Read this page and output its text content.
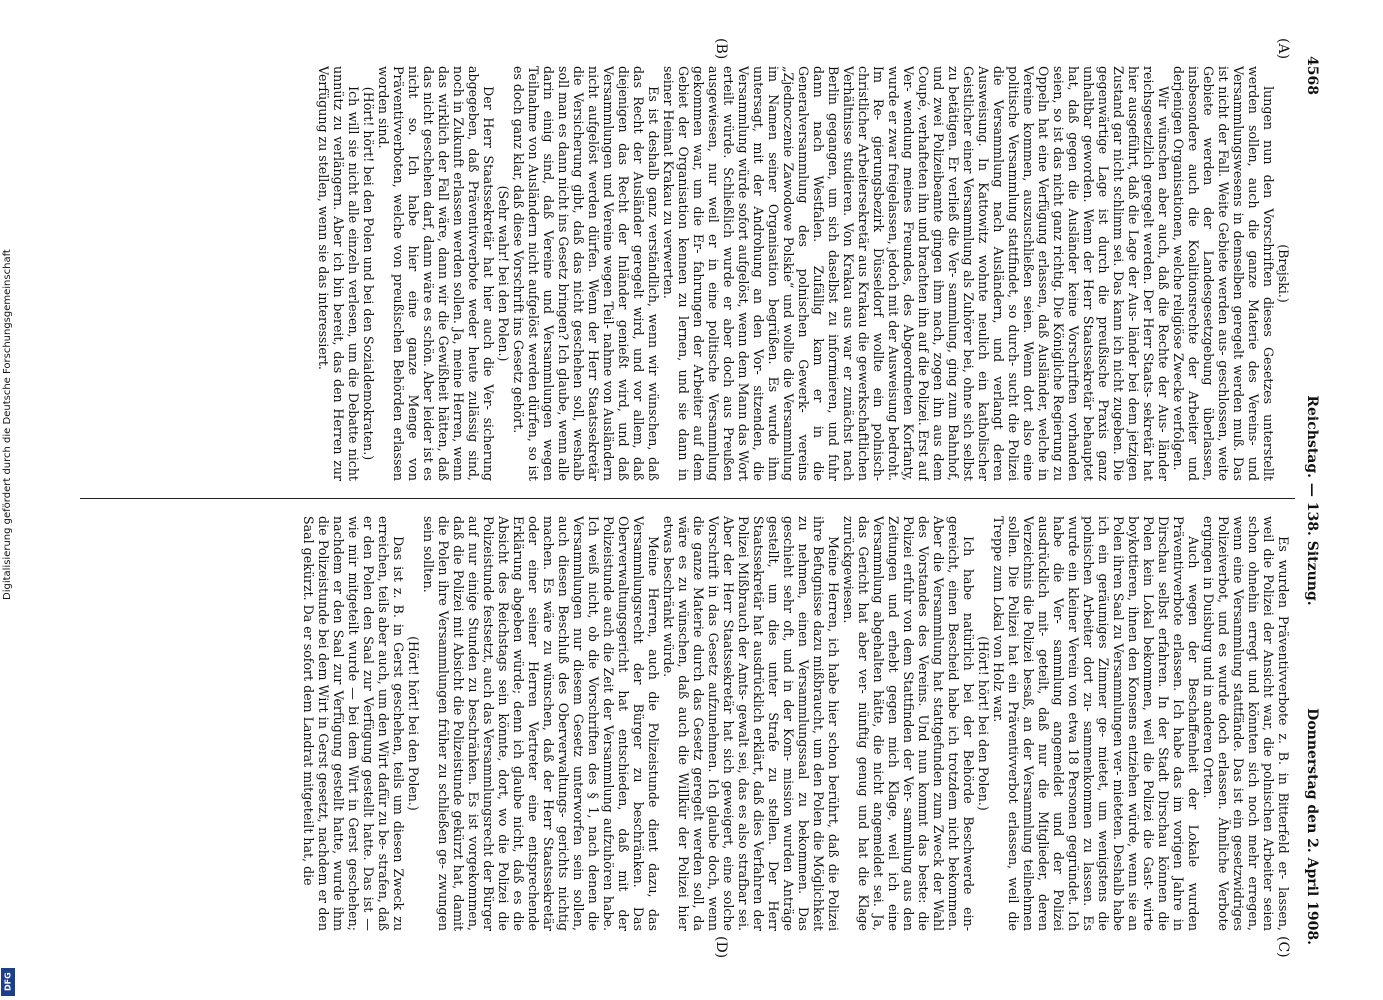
4568
Reichstag. — 138. Sitzung.
Donnerstag den 2. April 1908.
(A)
(B)
(C)
(D)

(Brejski.)

lungen nun den Vorschriften dieses Gesetzes unterstellt werden sollen, auch die ganze Materie des Vereins- und Versammlungswesens in demselben geregelt werden muß. Das ist nicht der Fall. Weite Gebiete werden aus- geschlossen, weite Gebiete werden der Landesgesetzgebung überlassen, insbesondere auch die Koalitionsrechte der Arbeiter und derjenigen Organisationen, welche religiöse Zwecke verfolgen.

Wir wünschen aber auch, daß die Rechte der Aus- länder reichsgesetzlich geregelt werden. Der Herr Staats- sekretär hat hier ausgeführt, daß die Lage der Aus- länder bei dem jetzigen Zustand gar nicht schlimm sei. Das kann ich nicht zugeben. Die gegenwärtige Lage ist durch die preußische Praxis ganz unhaltbar geworden. Wenn der Herr Staatssekretär behauptet hat, daß gegen die Ausländer keine Vorschriften vorhanden seien, so ist das nicht ganz richtig. Die Königliche Regierung zu Oppeln hat eine Verfügung erlassen, daß Ausländer, welche in Vereine kommen, auszuschließen seien. Wenn dort also eine politische Versammlung stattfindet, so durch- sucht die Polizei die Versammlung nach Ausländern, und verlangt deren Ausweisung. In Kattowitz wohnte neulich ein katholischer Geistlicher einer Versammlung als Zuhörer bei, ohne sich selbst zu betätigen. Er verließ die Ver- sammlung, ging zum Bahnhof, und zwei Polizeibeamte gingen ihm nach, zogen ihn aus dem Coupé, verhafteten ihn und brachten ihn auf die Polizei. Erst auf Ver- wendung meines Freundes, des Abgeordneten Korfanty, wurde er zwar freigelassen, jedoch mit der Ausweisung bedroht. Im Re- gierungsbezirk Düsseldorf wollte ein polnisch-christlicher Arbeitersekretär aus Krakau die gewerkschaftlichen Verhältnisse studieren. Von Krakau aus war er zunächst nach Berlin gegangen, um sich daselbst zu informieren, und fuhr dann nach Westfalen. Zufällig kam er in die Generalversammlung des polnischen Gewerk- vereins „Zjednoczenie Zawodowe Polskie“ und wollte die Versammlung im Namen seiner Organisation begrüßen. Es wurde ihm untersagt, mit der Androhung an den Vor- sitzenden, die Versammlung würde sofort aufgelöst, wenn dem Mann das Wort erteilt würde. Schließlich wurde er aber doch aus Preußen ausgewiesen, nur weil er in eine politische Versammlung gekommen war, um die Er- fahrungen der Arbeiter auf dem Gebiet der Organisation kennen zu lernen, und sie dann in seiner Heimat Krakau zu verwerten.

Es ist deshalb ganz verständlich, wenn wir wünschen, daß das Recht der Ausländer geregelt wird, und vor allem, daß diejenigen das Recht der Inländer genießt wird, und daß Versammlungen und Vereine wegen Teil- nahme von Ausländern nicht aufgelöst werden dürfen. Wenn der Herr Staatssekretär die Versicherung gibt, daß das nicht geschehen soll, weshalb soll man es dann nicht ins Gesetz bringen? Ich glaube, wenn alle darin einig sind, daß Vereine und Versammlungen wegen Teilnahme von Ausländern nicht aufgelöst werden dürfen, so ist es doch ganz klar, daß diese Vorschrift ins Gesetz gehört.

(Sehr wahr! bei den Polen.)

Der Herr Staatssekretär hat hier auch die Ver- sicherung abgegeben, daß Präventivverbote weder heute zulässig sind, noch in Zukunft erlassen werden sollen. Ja, meine Herren, wenn das wirklich der Fall wäre, dann wir die Gewißheit hätten, daß das nicht geschehen darf, dann wäre es schön. Aber leider ist es nicht so. Ich habe hier eine ganze Menge von Präventivverboten, welche von preußischen Behörden erlassen worden sind.

(Hört! hört! bei den Polen und bei den Sozialdemokraten.)

Ich will sie nicht alle einzeln verlesen, um die Debatte nicht unnütz zu verlängern. Aber ich bin bereit, das den Herren zur Verfügung zu stellen, wenn sie das interessiert.

Es wurden Präventivverbote z. B. in Bitterfeld er- lassen, weil die Polizei der Ansicht war, die polnischen Arbeiter seien schon ohnehin erregt und könnten sich noch mehr erregen, wenn eine Versammlung stattfände. Das ist ein gesetzwidriges Polizeiverbot, und es wurde doch erlassen. Ähnliche Verbote ergingen in Duisburg und in anderen Orten.

Auch wegen der Beschaffenheit der Lokale wurden Präventivverbote erlassen. Ich habe das im vorigen Jahre in Dirschau selbst erfahren. In der Stadt Dirschau können die Polen kein Lokal bekommen, weil die Polizei die Gast- wirte boykottieren, ihnen den Konsens entziehen würde, wenn sie an Polen ihren Saal zu Versammlungen ver- mieteten. Deshalb habe ich ein geräumiges Zimmer ge- mietet, um wenigstens die polnischen Arbeiter dort zu- sammenkommen zu lassen. Es wurde ein kleiner Verein von etwa 18 Personen gegründet. Ich habe die Ver- sammlung angemeldet und der Polizei ausdrücklich mit- geteilt, daß nur die Mitglieder, deren Verzeichnis die Polizei besaß, an der Versammlung teilnehmen sollen. Die Polizei hat ein Präventivverbot erlassen, weil die Treppe zum Lokal von Holz war.

(Hört! hört! bei den Polen.)

Ich habe natürlich bei der Behörde Beschwerde ein- gereicht, einen Bescheid habe ich trotzdem nicht bekommen. Aber die Versammlung hat stattgefunden zum Zweck der Wahl des Vorstandes des Vereins. Und nun kommt das beste: die Polizei erfuhr von dem Stattfinden der Ver- sammlung aus den Zeitungen und erhebt gegen mich Klage, weil ich eine Versammlung abgehalten hätte, die nicht angemeldet sei. Ja, das Gericht hat aber ver- nünftig genug und hat die Klage zurückgewiesen.

Meine Herren, ich habe hier schon berührt, daß die Polizei ihre Befugnisse dazu mißbraucht, um den Polen die Möglichkeit zu nehmen, einen Versammlungssaal zu bekommen. Das geschieht sehr oft, und in der Kom- mission wurden Anträge gestellt, um dies unter Strafe zu stellen. Der Herr Staatssekretär hat ausdrücklich erklärt, daß dies Verfahren der Polizei Mißbrauch der Amts- gewalt sei, das es also strafbar sei. Aber der Herr Staatssekretär hat sich geweigert, eine solche Vorschrift in das Gesetz aufzunehmen. Ich glaube doch, wenn die ganze Materie durch das Gesetz geregelt werden soll, da wäre es zu wünschen, daß auch die Willkür der Polizei hier etwas beschränkt würde.

Meine Herren, auch die Polizeistunde dient dazu, das Versammlungsrecht der Bürger zu beschränken. Das Oberverwaltungsgericht hat entschieden, daß mit der Polizeistunde auch die Zeit der Versammlung aufzuhören habe. Ich weiß nicht, ob die Vorschriften des § 1, nach denen die Versammlungen nur diesem Gesetz unterworfen sein sollen, auch diesen Beschluß des Oberverwaltungs- gerichts nichtig machen. Es wäre zu wünschen, daß der Herr Staatssekretär oder einer seiner Herren Vertreter eine entsprechende Erklärung abgeben würde; denn ich glaube nicht, daß es die Absicht des Reichstags sein könnte, dort, wo die Polizei die Polizeistunde festsetzt, auch das Versammlungsrecht der Bürger auf nur einige Stunden zu beschränken. Es ist vorgekommen, daß die Polizei mit Absicht die Polizeistunde gekürzt hat, damit die Polen ihre Versammlungen früher zu schließen ge- zwungen sein sollten.

(Hört! hört! bei den Polen.)

Das ist z. B. in Gerst geschehen, teils um diesen Zweck zu erreichen, teils aber auch, um den Wirt dafür zu be- strafen, daß er den Polen den Saal zur Verfügung gestellt hatte. Das ist — wie mir mitgeteilt wurde — bei dem Wirt in Gerst geschehen; nachdem er den Saal zur Verfügung gestellt hatte, wurde ihm die Polizeistunde bei dem Wirt in Gerst gesetzt, nachdem er den Saal gekürzt. Da er sofort dem Landrat mitgeteilt hat, die

Digitalisierung gefördert durch die Deutsche Forschungsgemeinschaft
DFG
